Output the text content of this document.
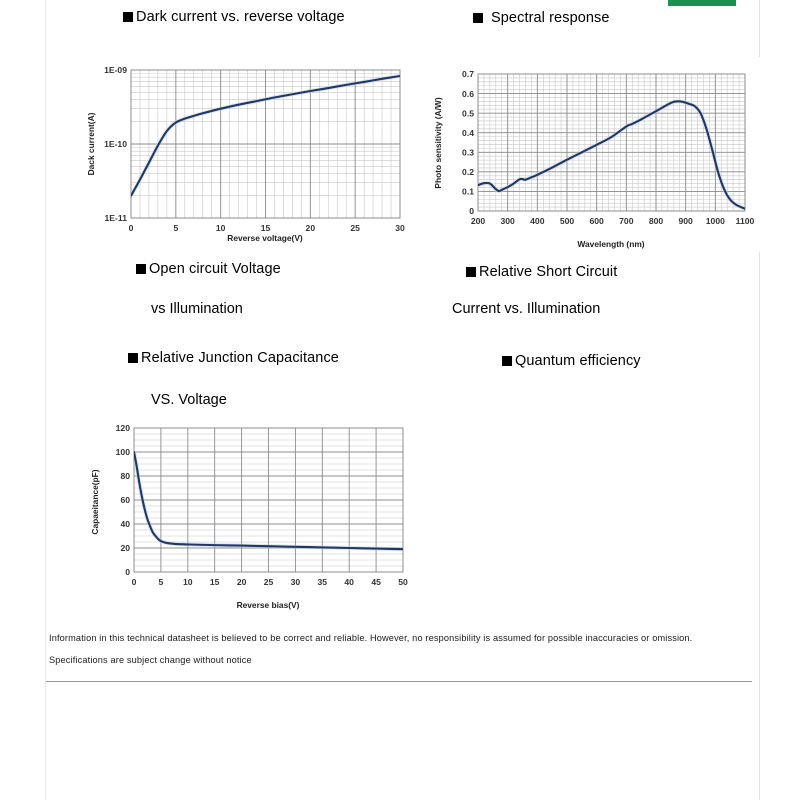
Dark current vs. reverse voltage	Spectral response
0	5	10	15	20	25	30
1E-11
1E-10
1E-09
Reverse voltage(V)
Dack current(A)
200 300 400 500 600 700 800 900 1000 1100
0
0.1
0.2
0.3
0.4
0.5
0.6
0.7
Wavelength (nm)
Photo sensitivity (A/W)
Open circuit Voltage
vs Illumination
Relative Short Circuit
Current vs. Illumination
Relative Junction Capacitance
VS. Voltage
Quantum efficiency
0	5 10 15 20 25 30 35 40 45 50
0
20
40
60
80
100
120
Reverse bias(V)
Capaeitance(pF)
Information in this technical datasheet is believed to be correct and reliable. However, no responsibility is assumed for possible inaccuracies or omission.
Specifications are subject change without notice
